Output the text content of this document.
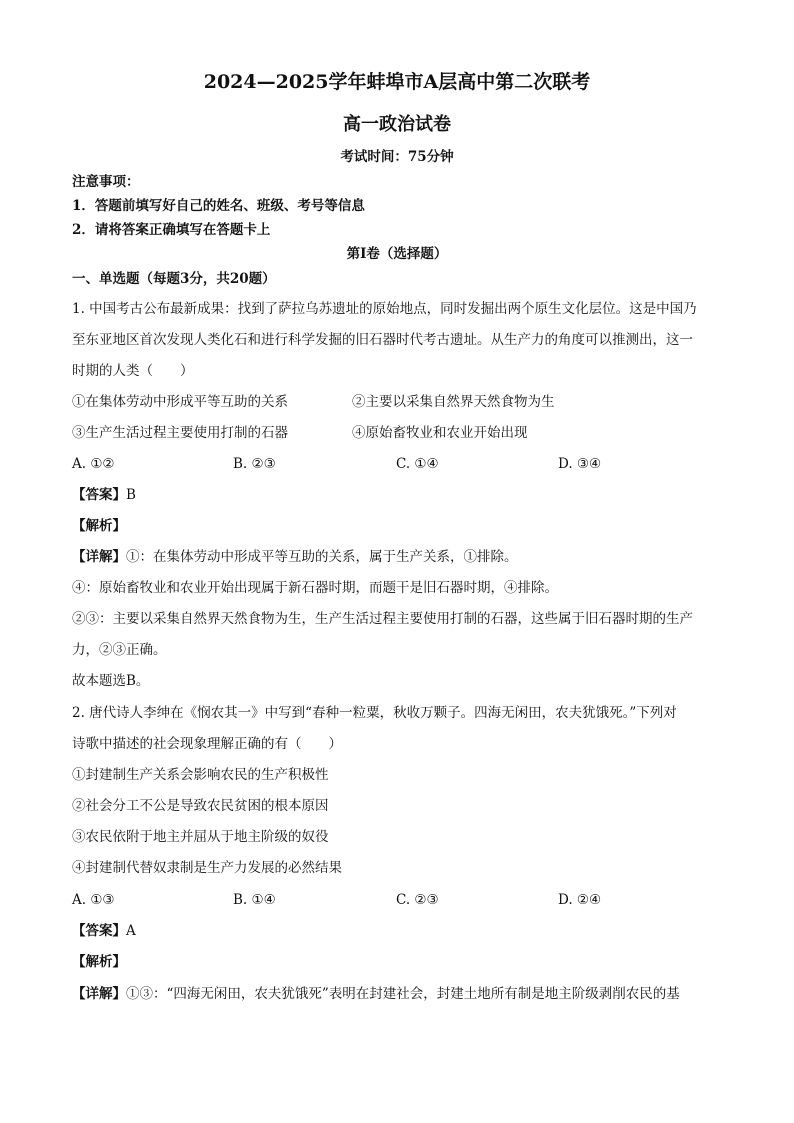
2024—2025学年蚌埠市A层高中第二次联考
高一政治试卷
考试时间：75分钟
注意事项：
1．答题前填写好自己的姓名、班级、考号等信息
2．请将答案正确填写在答题卡上
第Ⅰ卷（选择题）
一、单选题（每题3分，共20题）
1. 中国考古公布最新成果：找到了萨拉乌苏遗址的原始地点，同时发掘出两个原生文化层位。这是中国乃
至东亚地区首次发现人类化石和进行科学发掘的旧石器时代考古遗址。从生产力的角度可以推测出，这一
时期的人类（　　）
①在集体劳动中形成平等互助的关系	②主要以采集自然界天然食物为生
③生产生活过程主要使用打制的石器	④原始畜牧业和农业开始出现
A. ①②	B. ②③	C. ①④	D. ③④
【答案】B
【解析】
【详解】①：在集体劳动中形成平等互助的关系，属于生产关系，①排除。
④：原始畜牧业和农业开始出现属于新石器时期，而题干是旧石器时期，④排除。
②③：主要以采集自然界天然食物为生，生产生活过程主要使用打制的石器，这些属于旧石器时期的生产
力，②③正确。
故本题选B。
2. 唐代诗人李绅在《悯农其一》中写到“春种一粒粟，秋收万颗子。四海无闲田，农夫犹饿死。”下列对
诗歌中描述的社会现象理解正确的有（　　）
①封建制生产关系会影响农民的生产积极性
②社会分工不公是导致农民贫困的根本原因
③农民依附于地主并屈从于地主阶级的奴役
④封建制代替奴隶制是生产力发展的必然结果
A. ①③	B. ①④	C. ②③	D. ②④
【答案】A
【解析】
【详解】①③：“四海无闲田，农夫犹饿死”表明在封建社会，封建土地所有制是地主阶级剥削农民的基
